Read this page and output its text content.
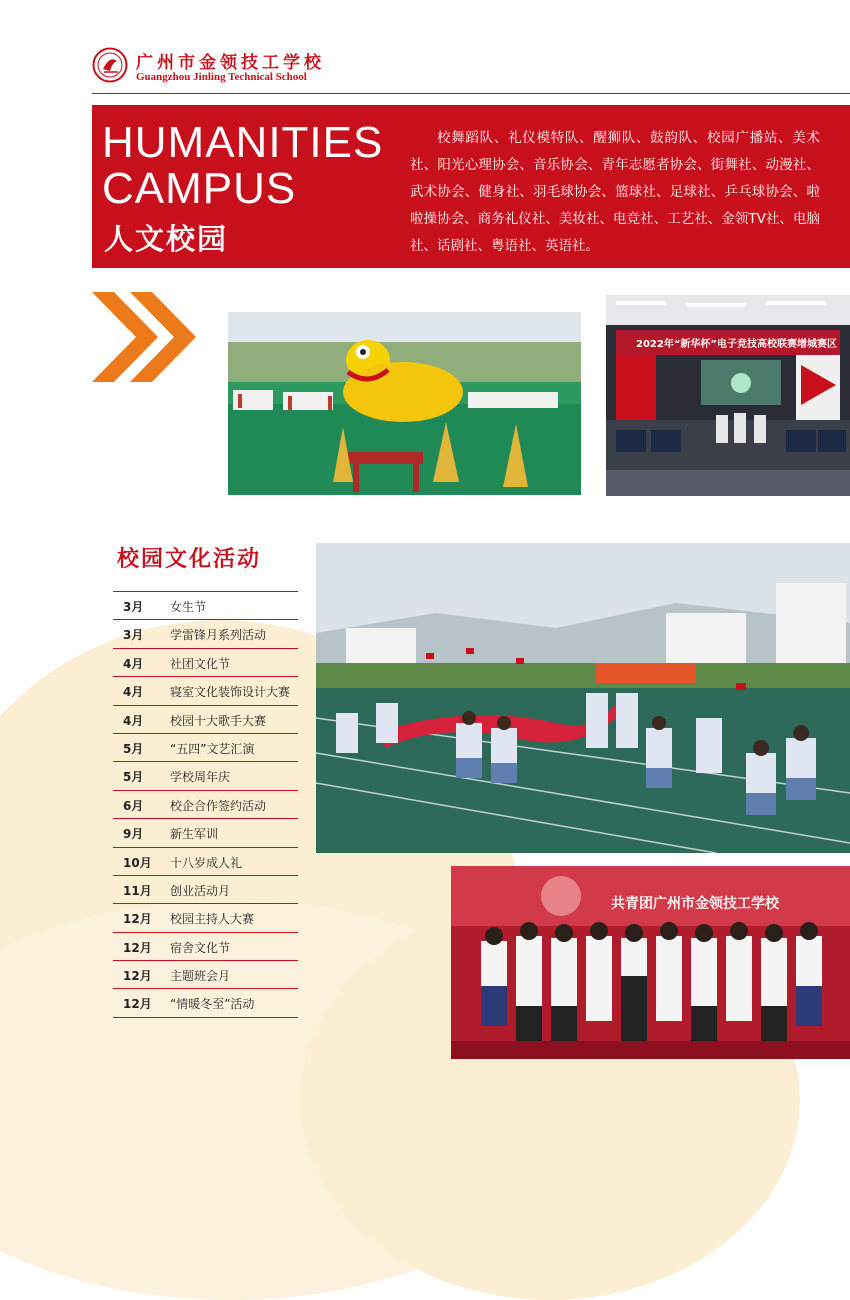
广州市金领技工学校
Guangzhou Jinling Technical School
HUMANITIES
CAMPUS
人文校园
校舞蹈队、礼仪模特队、醒狮队、鼓韵队、校园广播站、美术社、阳光心理协会、音乐协会、青年志愿者协会、街舞社、动漫社、武术协会、健身社、羽毛球协会、篮球社、足球社、乒乓球协会、啦啦操协会、商务礼仪社、美妆社、电竞社、工艺社、金领TV社、电脑社、话剧社、粤语社、英语社。
2022年“新华杯”电子竞技高校联赛增城赛区
校园文化活动
3月 女生节
3月 学雷锋月系列活动
4月 社团文化节
4月 寝室文化装饰设计大赛
4月 校园十大歌手大赛
5月 “五四”文艺汇演
5月 学校周年庆
6月 校企合作签约活动
9月 新生军训
10月 十八岁成人礼
11月 创业活动月
12月 校园主持人大赛
12月 宿舍文化节
12月 主题班会月
12月 “情暖冬至”活动
共青团广州市金领技工学校
